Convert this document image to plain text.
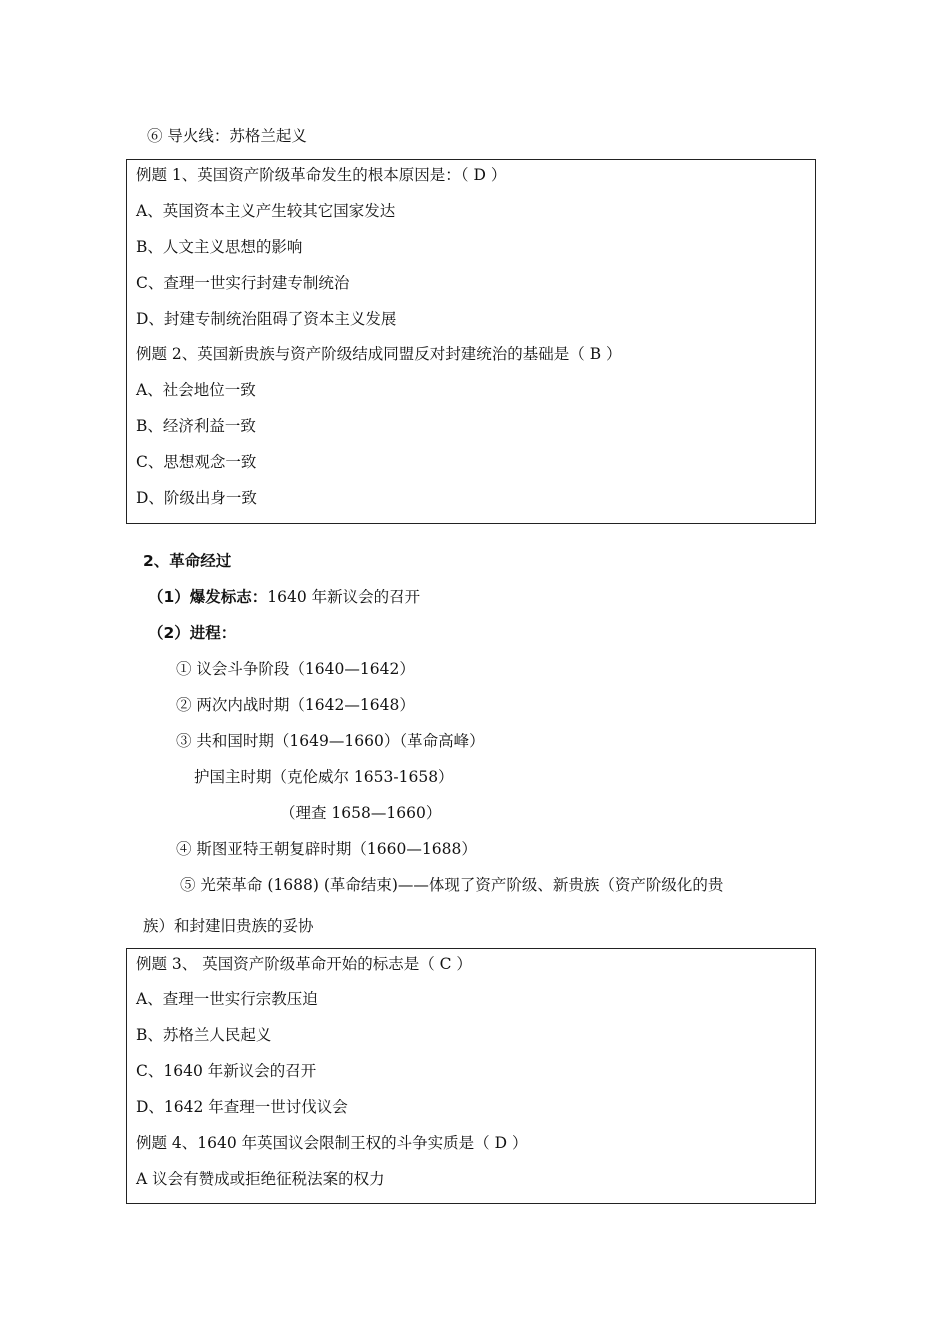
⑥ 导火线：苏格兰起义
例题 1、英国资产阶级革命发生的根本原因是：（ D ）
A、英国资本主义产生较其它国家发达
B、人文主义思想的影响
C、查理一世实行封建专制统治
D、封建专制统治阻碍了资本主义发展
例题 2、英国新贵族与资产阶级结成同盟反对封建统治的基础是（ B ）
A、社会地位一致
B、经济利益一致
C、思想观念一致
D、阶级出身一致
2、革命经过
（1）爆发标志：1640 年新议会的召开
（2）进程：
① 议会斗争阶段（1640—1642）
② 两次内战时期（1642—1648）
③ 共和国时期（1649—1660）（革命高峰）
护国主时期（克伦威尔 1653-1658）
（理查 1658—1660）
④ 斯图亚特王朝复辟时期（1660—1688）
⑤ 光荣革命 (1688) (革命结束)——体现了资产阶级、新贵族（资产阶级化的贵
族）和封建旧贵族的妥协
例题 3、 英国资产阶级革命开始的标志是（ C ）
A、查理一世实行宗教压迫
B、苏格兰人民起义
C、1640 年新议会的召开
D、1642 年查理一世讨伐议会
例题 4、1640 年英国议会限制王权的斗争实质是（ D ）
A 议会有赞成或拒绝征税法案的权力
